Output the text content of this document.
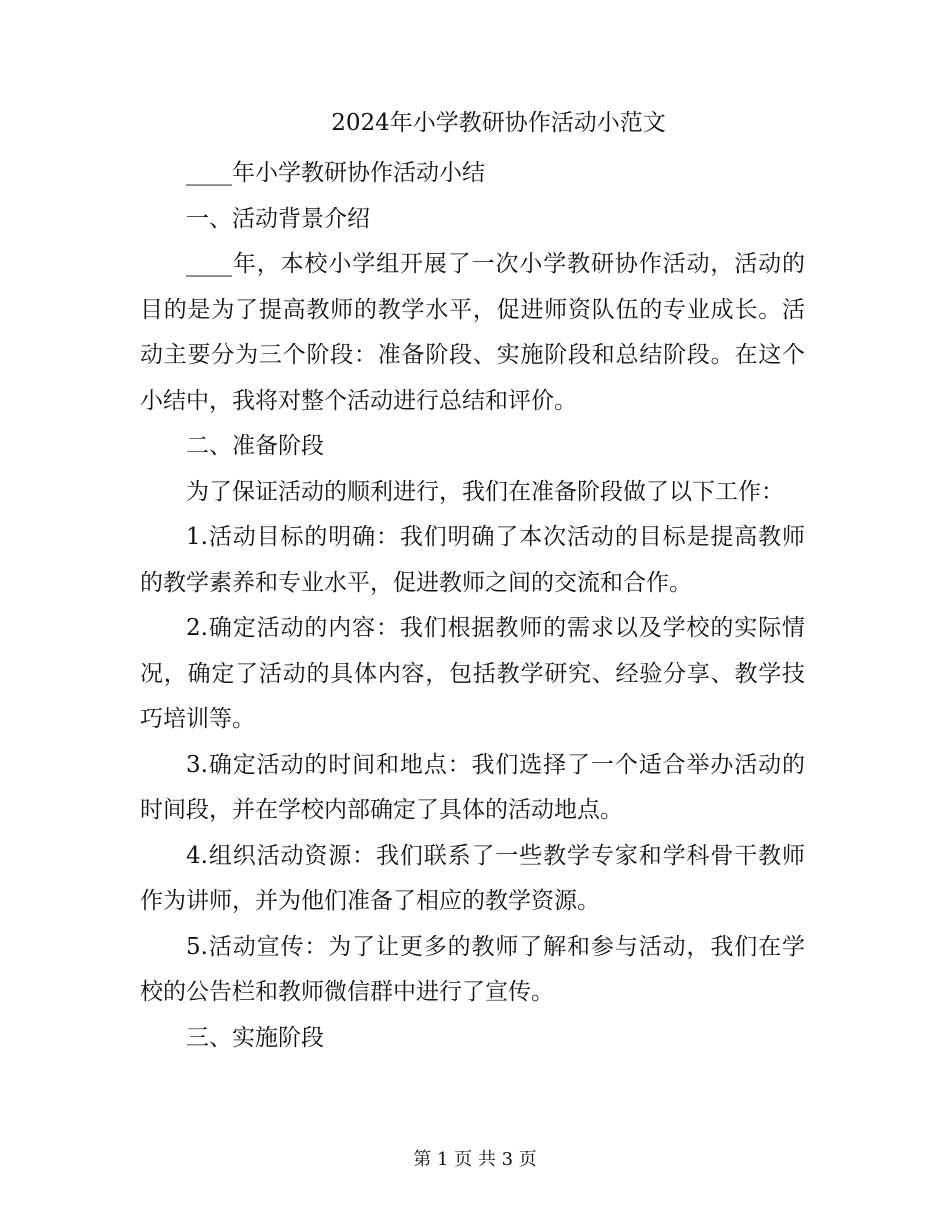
2024年小学教研协作活动小范文

____年小学教研协作活动小结

一、活动背景介绍

____年，本校小学组开展了一次小学教研协作活动，活动的目的是为了提高教师的教学水平，促进师资队伍的专业成长。活动主要分为三个阶段：准备阶段、实施阶段和总结阶段。在这个小结中，我将对整个活动进行总结和评价。

二、准备阶段

为了保证活动的顺利进行，我们在准备阶段做了以下工作：

1.活动目标的明确：我们明确了本次活动的目标是提高教师的教学素养和专业水平，促进教师之间的交流和合作。

2.确定活动的内容：我们根据教师的需求以及学校的实际情况，确定了活动的具体内容，包括教学研究、经验分享、教学技巧培训等。

3.确定活动的时间和地点：我们选择了一个适合举办活动的时间段，并在学校内部确定了具体的活动地点。

4.组织活动资源：我们联系了一些教学专家和学科骨干教师作为讲师，并为他们准备了相应的教学资源。

5.活动宣传：为了让更多的教师了解和参与活动，我们在学校的公告栏和教师微信群中进行了宣传。

三、实施阶段

第 1 页 共 3 页
